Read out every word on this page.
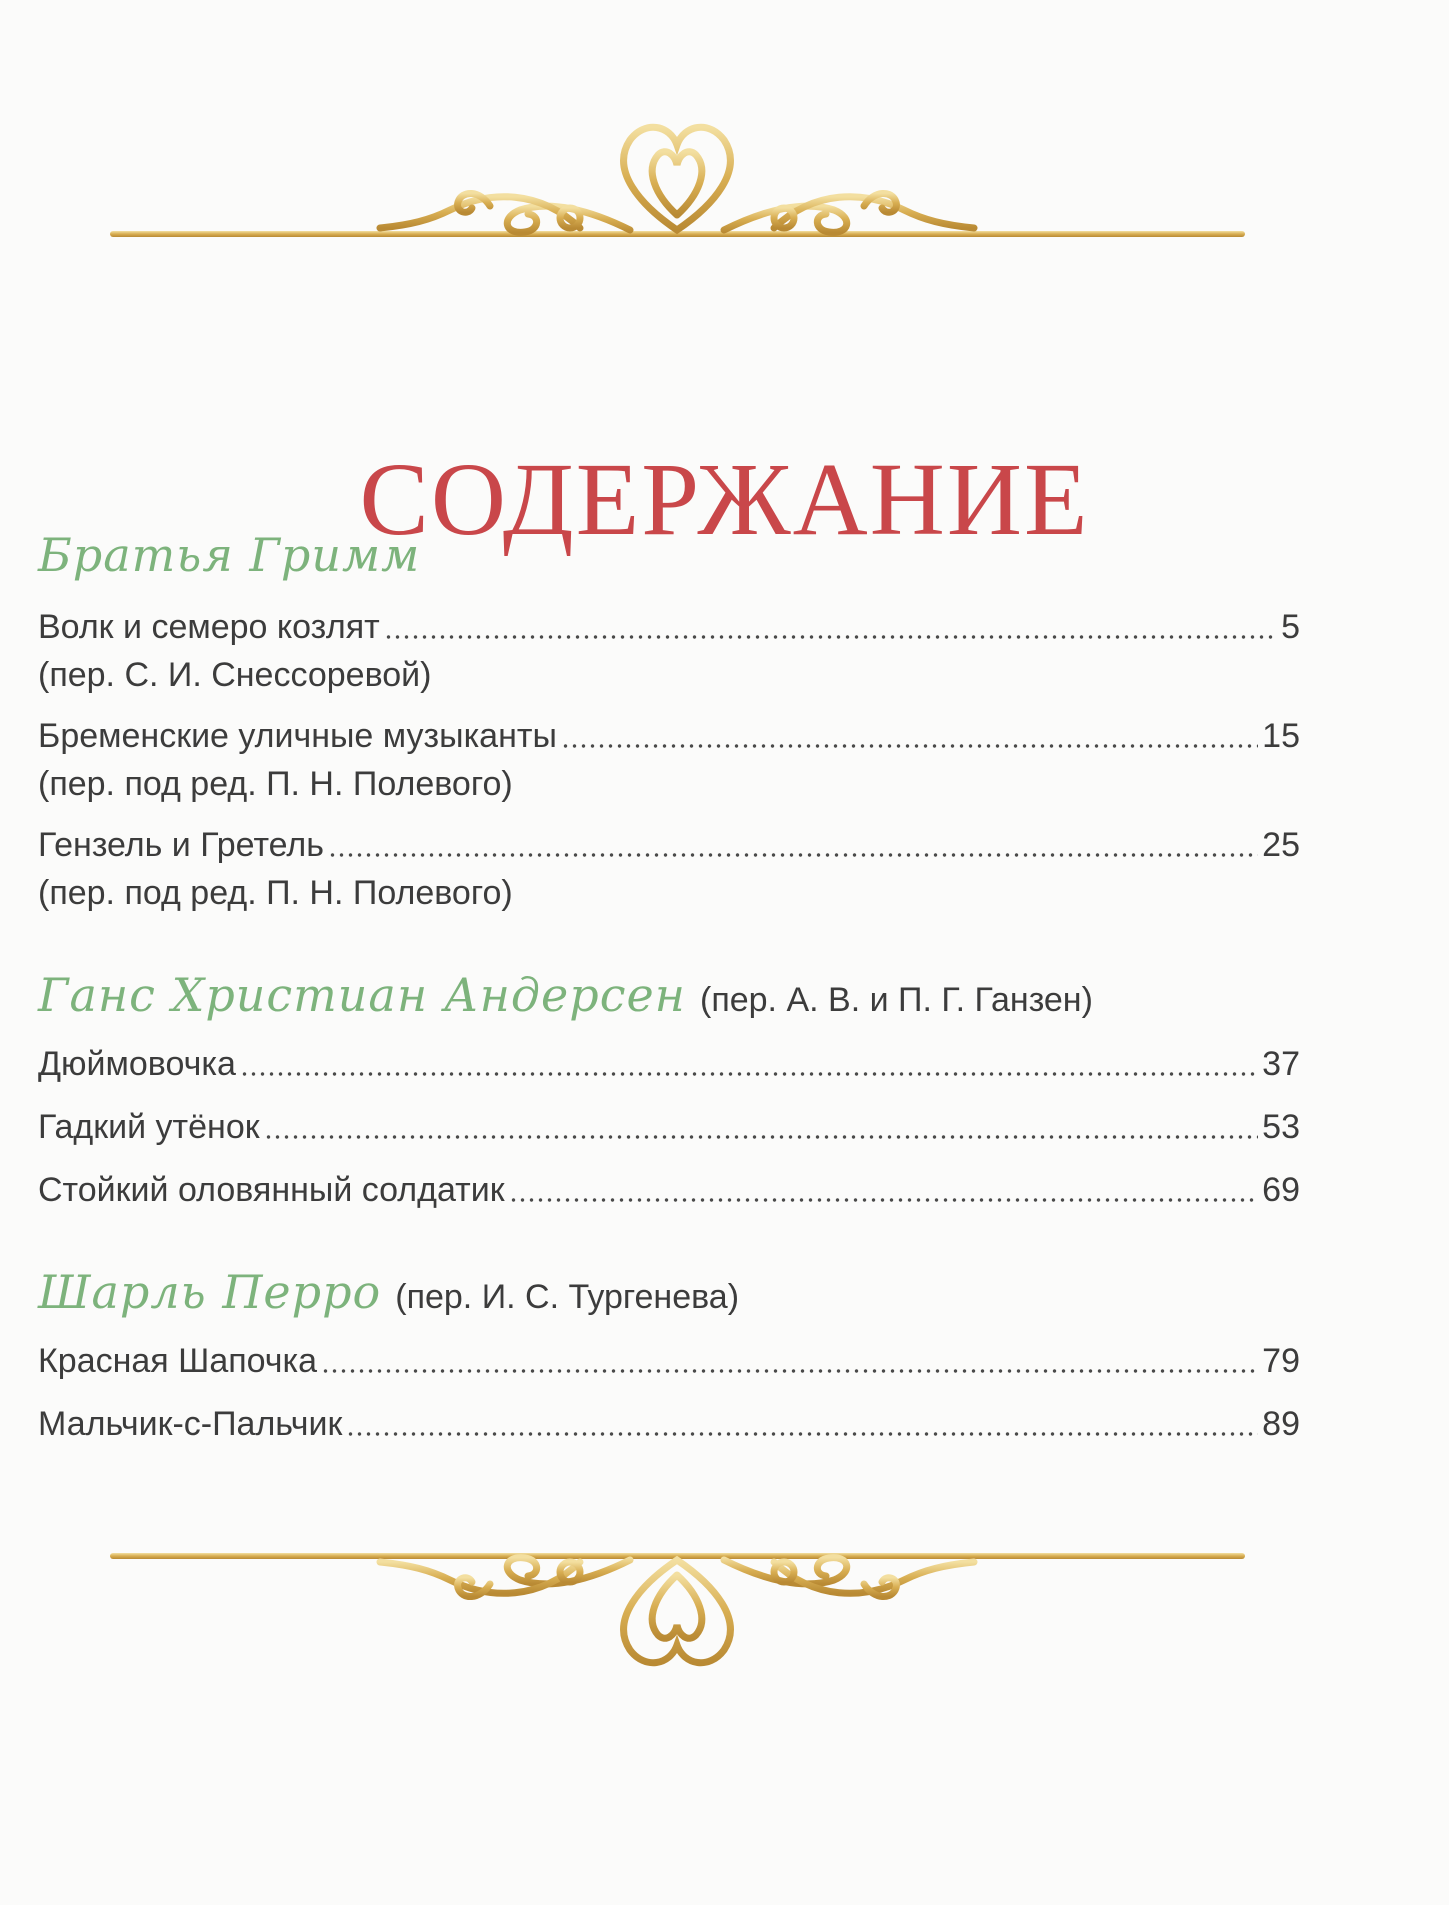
СОДЕРЖАНИЕ
Братья Гримм
Волк и семеро козлят	5
(пер. С. И. Снессоревой)
Бременские уличные музыканты	15
(пер. под ред. П. Н. Полевого)
Гензель и Гретель	25
(пер. под ред. П. Н. Полевого)
Ганс Христиан Андерсен (пер. А. В. и П. Г. Ганзен)
Дюймовочка	37
Гадкий утёнок	53
Стойкий оловянный солдатик	69
Шарль Перро (пер. И. С. Тургенева)
Красная Шапочка	79
Мальчик-с-Пальчик	89
